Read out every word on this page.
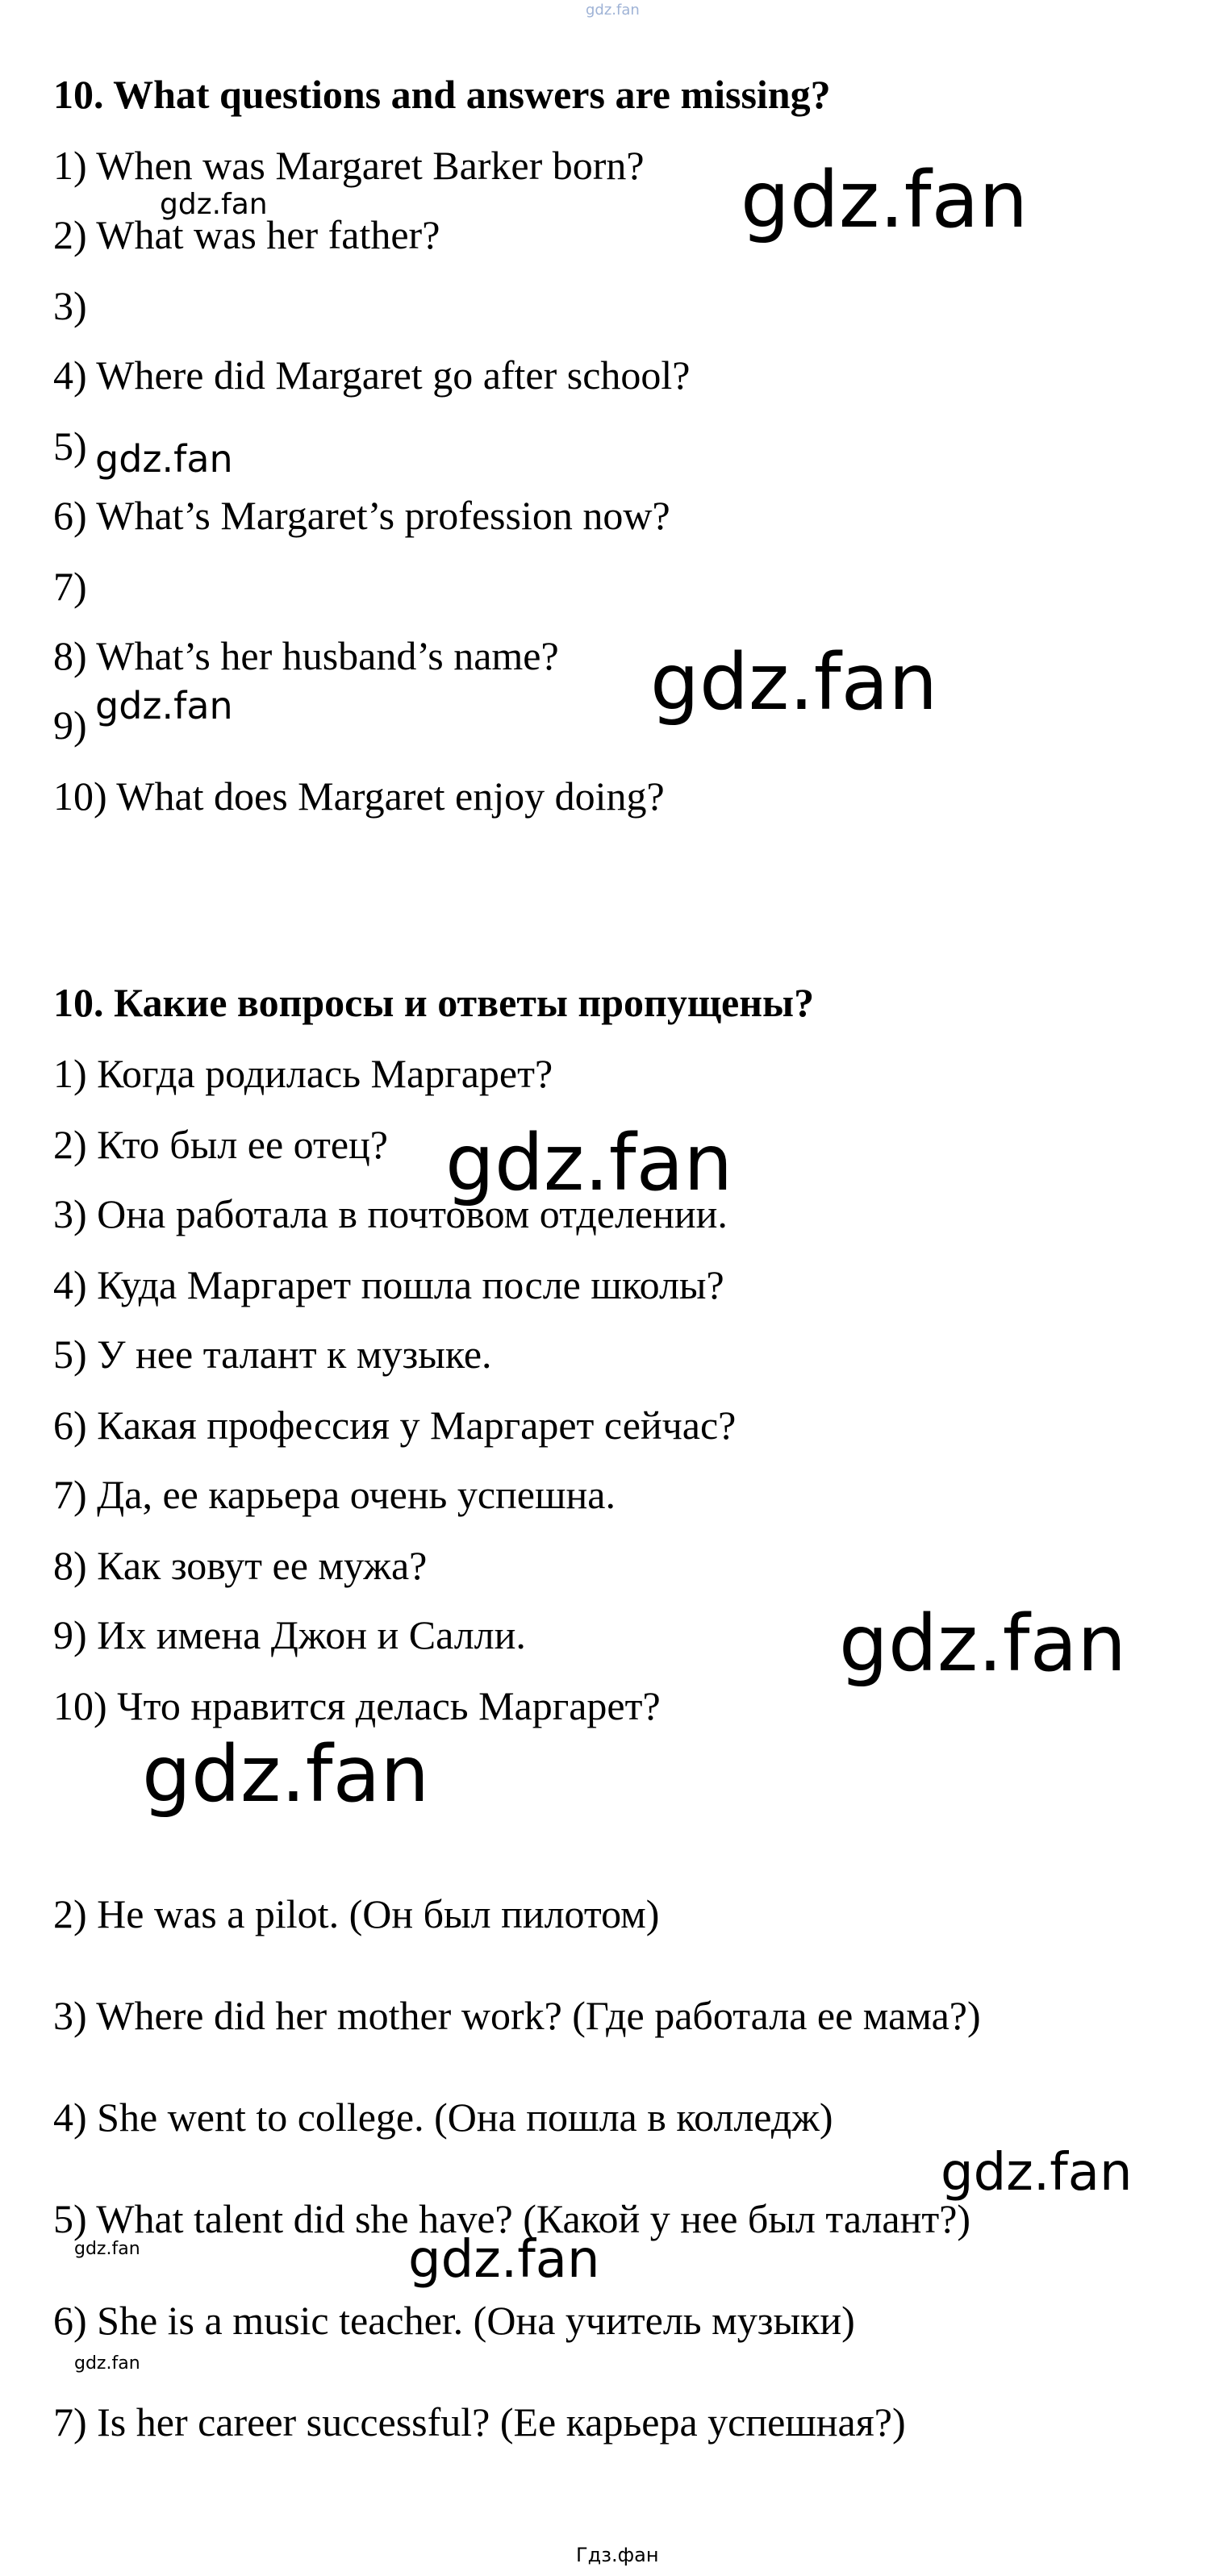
gdz.fan
10. What questions and answers are missing?
1) When was Margaret Barker born?
2) What was her father?
3)
4) Where did Margaret go after school?
5)
6) What’s Margaret’s profession now?
7)
8) What’s her husband’s name?
9)
10) What does Margaret enjoy doing?
10. Какие вопросы и ответы пропущены?
1) Когда родилась Маргарет?
2) Кто был ее отец?
3) Она работала в почтовом отделении.
4) Куда Маргарет пошла после школы?
5) У нее талант к музыке.
6) Какая профессия у Маргарет сейчас?
7) Да, ее карьера очень успешна.
8) Как зовут ее мужа?
9) Их имена Джон и Салли.
10) Что нравится делась Маргарет?
2) He was a pilot. (Он был пилотом)
3) Where did her mother work? (Где работала ее мама?)
4) She went to college. (Она пошла в колледж)
5) What talent did she have? (Какой у нее был талант?)
6) She is a music teacher. (Она учитель музыки)
7) Is her career successful? (Ее карьера успешная?)
gdz.fan
gdz.fan
gdz.fan
gdz.fan
gdz.fan
gdz.fan
gdz.fan
gdz.fan
gdz.fan
gdz.fan
gdz.fan
gdz.fan
Гдз.фан
